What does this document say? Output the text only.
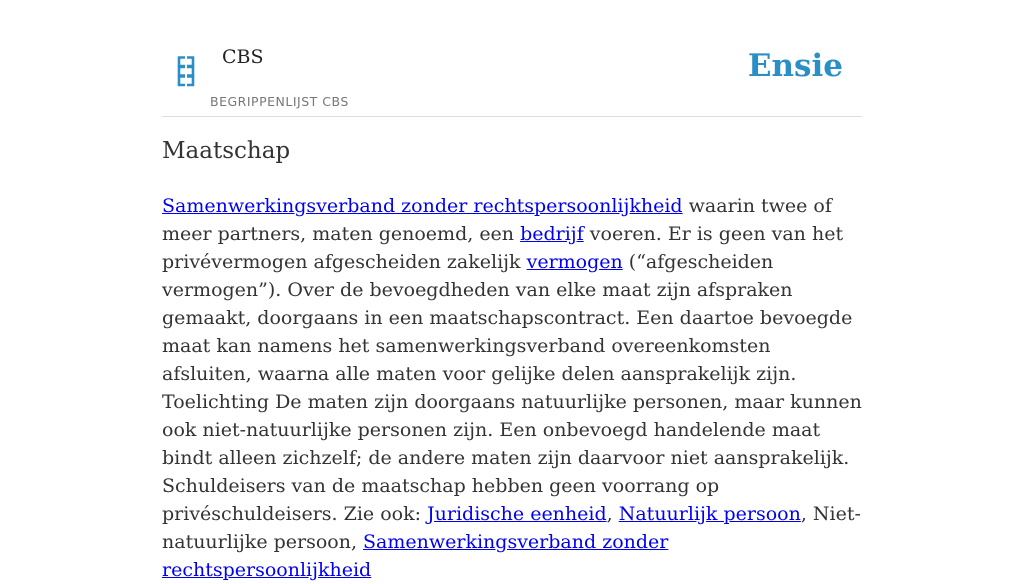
CBS
BEGRIPPENLIJST CBS
Ensie
Maatschap

Samenwerkingsverband zonder rechtspersoonlijkheid waarin twee of meer partners, maten genoemd, een bedrijf voeren. Er is geen van het privévermogen afgescheiden zakelijk vermogen (“afgescheiden vermogen”). Over de bevoegdheden van elke maat zijn afspraken gemaakt, doorgaans in een maatschapscontract. Een daartoe bevoegde maat kan namens het samenwerkingsverband overeenkomsten afsluiten, waarna alle maten voor gelijke delen aansprakelijk zijn. Toelichting De maten zijn doorgaans natuurlijke personen, maar kunnen ook niet-natuurlijke personen zijn. Een onbevoegd handelende maat bindt alleen zichzelf; de andere maten zijn daarvoor niet aansprakelijk. Schuldeisers van de maatschap hebben geen voorrang op privéschuldeisers. Zie ook: Juridische eenheid, Natuurlijk persoon, Niet-natuurlijke persoon, Samenwerkingsverband zonder rechtspersoonlijkheid
